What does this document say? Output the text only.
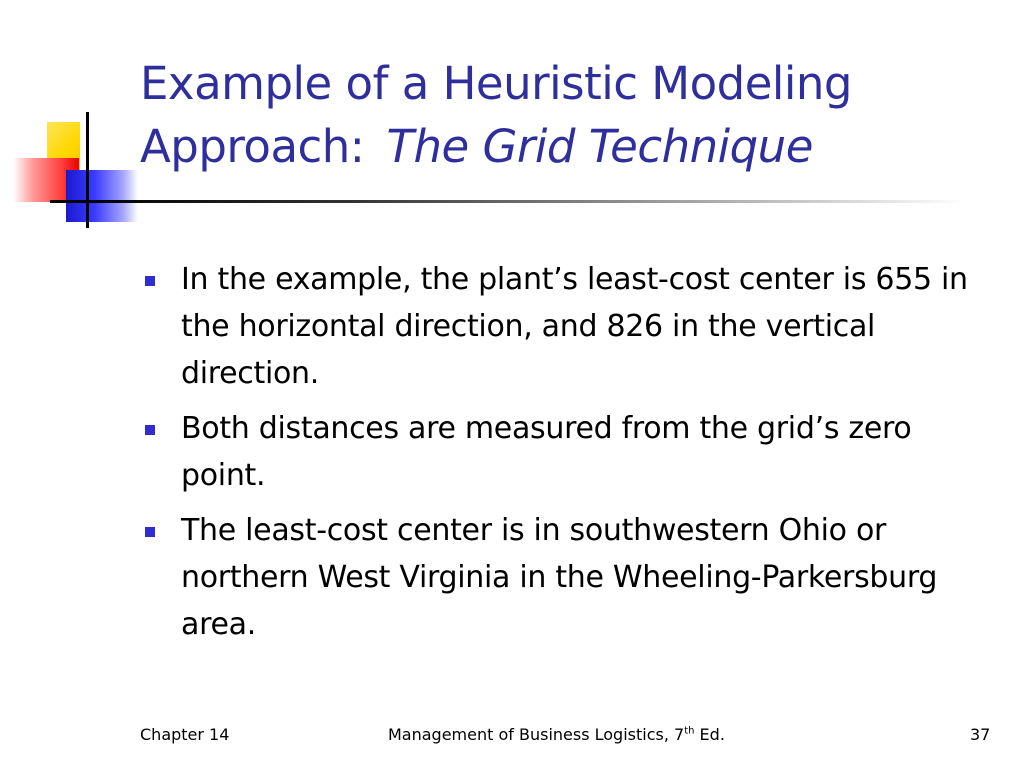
Example of a Heuristic Modeling
Approach: The Grid Technique
In the example, the plant’s least-cost center is 655 in the horizontal direction, and 826 in the vertical direction.
Both distances are measured from the grid’s zero point.
The least-cost center is in southwestern Ohio or northern West Virginia in the Wheeling-Parkersburg area.
Chapter 14	Management of Business Logistics, 7th Ed.	37
